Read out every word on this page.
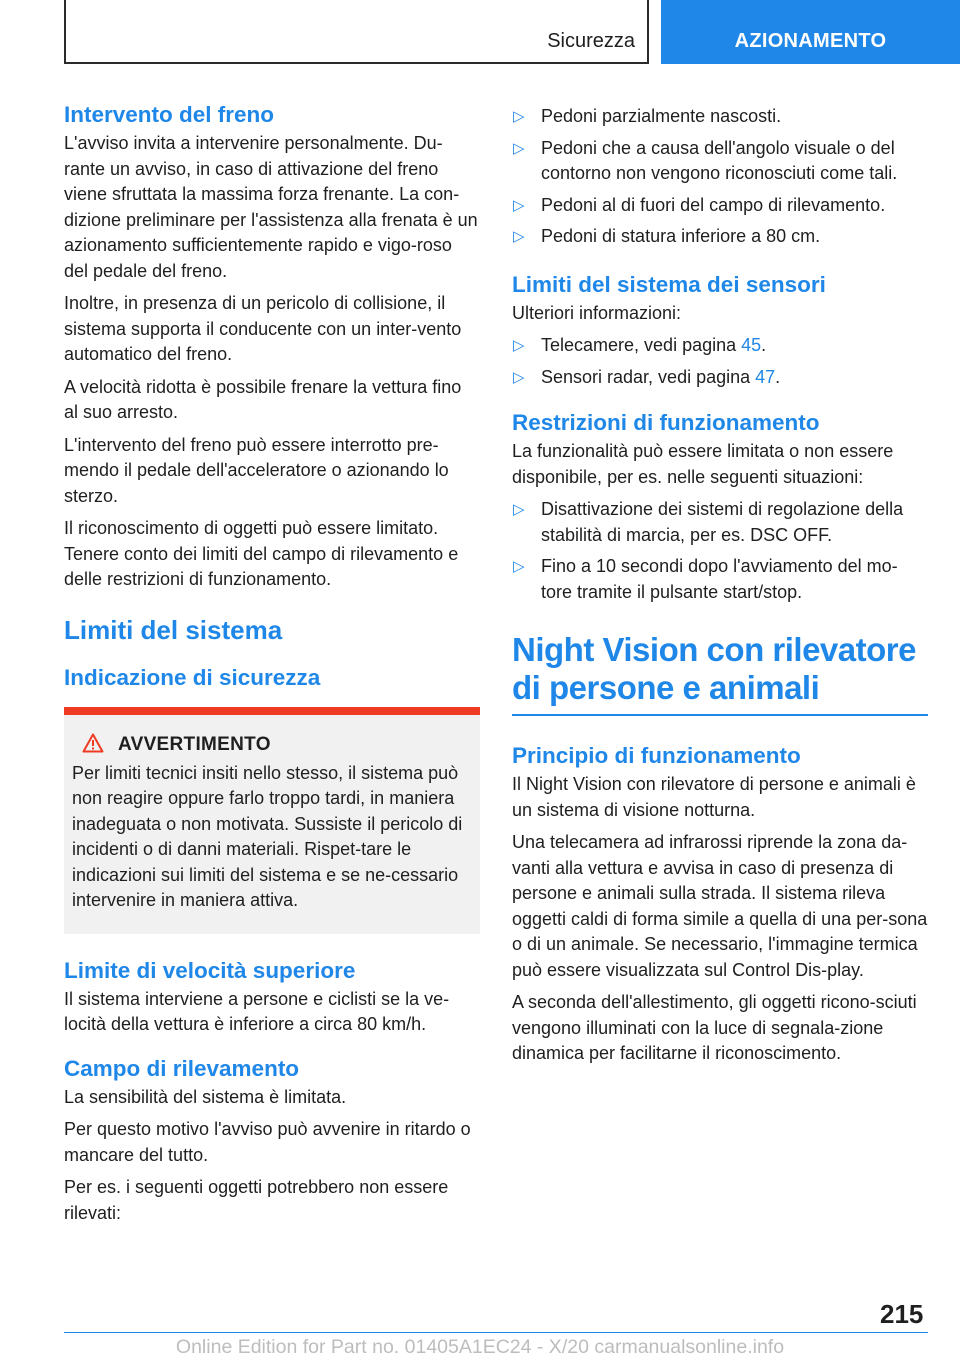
Sicurezza	AZIONAMENTO
Intervento del freno

L'avviso invita a intervenire personalmente. Du‐rante un avviso, in caso di attivazione del freno viene sfruttata la massima forza frenante. La con‐dizione preliminare per l'assistenza alla frenata è un azionamento sufficientemente rapido e vigo‐roso del pedale del freno.

Inoltre, in presenza di un pericolo di collisione, il sistema supporta il conducente con un inter‐vento automatico del freno.

A velocità ridotta è possibile frenare la vettura fino al suo arresto.

L'intervento del freno può essere interrotto pre‐mendo il pedale dell'acceleratore o azionando lo sterzo.

Il riconoscimento di oggetti può essere limitato. Tenere conto dei limiti del campo di rilevamento e delle restrizioni di funzionamento.

Limiti del sistema
Indicazione di sicurezza
AVVERTIMENTO

Per limiti tecnici insiti nello stesso, il sistema può non reagire oppure farlo troppo tardi, in maniera inadeguata o non motivata. Sussiste il pericolo di incidenti o di danni materiali. Rispet‐tare le indicazioni sui limiti del sistema e se ne‐cessario intervenire in maniera attiva.

Limite di velocità superiore

Il sistema interviene a persone e ciclisti se la ve‐locità della vettura è inferiore a circa 80 km/h.

Campo di rilevamento

La sensibilità del sistema è limitata.

Per questo motivo l'avviso può avvenire in ritardo o mancare del tutto.

Per es. i seguenti oggetti potrebbero non essere rilevati:

▷ Pedoni parzialmente nascosti.
▷ Pedoni che a causa dell'angolo visuale o del contorno non vengono riconosciuti come tali.
▷ Pedoni al di fuori del campo di rilevamento.
▷ Pedoni di statura inferiore a 80 cm.
Limiti del sistema dei sensori

Ulteriori informazioni:

▷ Telecamere, vedi pagina 45.
▷ Sensori radar, vedi pagina 47.
Restrizioni di funzionamento

La funzionalità può essere limitata o non essere disponibile, per es. nelle seguenti situazioni:

▷ Disattivazione dei sistemi di regolazione della stabilità di marcia, per es. DSC OFF.
▷ Fino a 10 secondi dopo l'avviamento del mo‐tore tramite il pulsante start/stop.
Night Vision con rilevatore
di persone e animali
Principio di funzionamento

Il Night Vision con rilevatore di persone e animali è un sistema di visione notturna.

Una telecamera ad infrarossi riprende la zona da‐vanti alla vettura e avvisa in caso di presenza di persone e animali sulla strada. Il sistema rileva oggetti caldi di forma simile a quella di una per‐sona o di un animale. Se necessario, l'immagine termica può essere visualizzata sul Control Dis‐play.

A seconda dell'allestimento, gli oggetti ricono‐sciuti vengono illuminati con la luce di segnala‐zione dinamica per facilitarne il riconoscimento.

215
Online Edition for Part no. 01405A1EC24 - X/20 carmanualsonline.info
